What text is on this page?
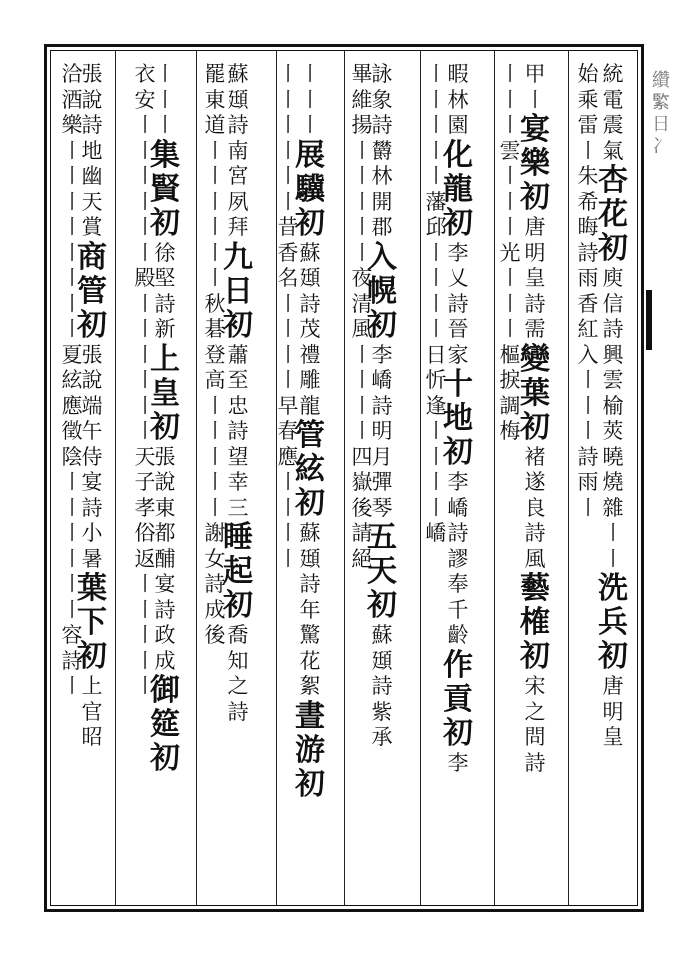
纘
𦂳
日
冫
統
電
震
氣
杏
花
初
庾
信
詩
興
雲
榆
莢
曉
燒
雜
〡
〡
洗
兵
初
唐
明
皇
始
乘
雷
〡
朱
希
晦
詩
雨
香
紅
入
〡
〡
〡
詩
雨
〡
甲
〡
宴
樂
初
唐
明
皇
詩
需
變
葉
初
褚
遂
良
詩
風
藝
榷
初
宋
之
問
詩
〡
〡
〡
雲
〡
〡
〡
光
〡
〡
〡
樞
捩
調
梅
暇
林
園
化
龍
初
李
乂
詩
晉
家
十
地
初
李
嶠
詩
謬
奉
千
齡
作
貢
初
李
〡
〡
〡
〡
〡
藩
邱
〡
〡
〡
〡
日
忻
逢
〡
〡
〡
〡
嶠
詠
象
詩
欝
林
開
郡
入
幌
初
李
嶠
詩
明
月
彈
琴
五
天
初
蘇
頲
詩
紫
承
畢
維
揚
〡
〡
〡
〡
〡
夜
清
風
〡
〡
〡
〡
四
嶽
後
請
絕
〡
〡
〡
展
驥
初
蘇
頲
詩
茂
禮
雕
龍
管
絃
初
蘇
頲
詩
年
驚
花
絮
晝
游
初
〡
〡
〡
〡
〡
〡
昔
香
名
〡
〡
〡
〡
早
春
應
〡
〡
〡
〡
蘇
頲
詩
南
宮
夙
拜
九
日
初
蕭
至
忠
詩
望
幸
三
睡
起
初
喬
知
之
詩
罷
東
道
〡
〡
〡
〡
〡
〡
秋
碁
登
高
〡
〡
〡
〡
〡
謝
女
詩
成
後
〡
〡
〡
集
賢
初
徐
堅
詩
新
上
皇
初
張
說
東
都
酺
宴
詩
政
成
御
筵
初
衣
安
〡
〡
〡
〡
〡
〡
殿
〡
〡
〡
〡
〡
〡
天
子
孝
俗
返
〡
〡
〡
〡
〡
張
說
詩
地
幽
天
賞
商
管
初
張
說
端
午
侍
宴
詩
小
暑
葉
下
初
上
官
昭
洽
酒
樂
〡
〡
〡
〡
〡
〡
〡
〡
夏
絃
應
徵
陰
〡
〡
〡
〡
〡
〡
容
詩
〡
